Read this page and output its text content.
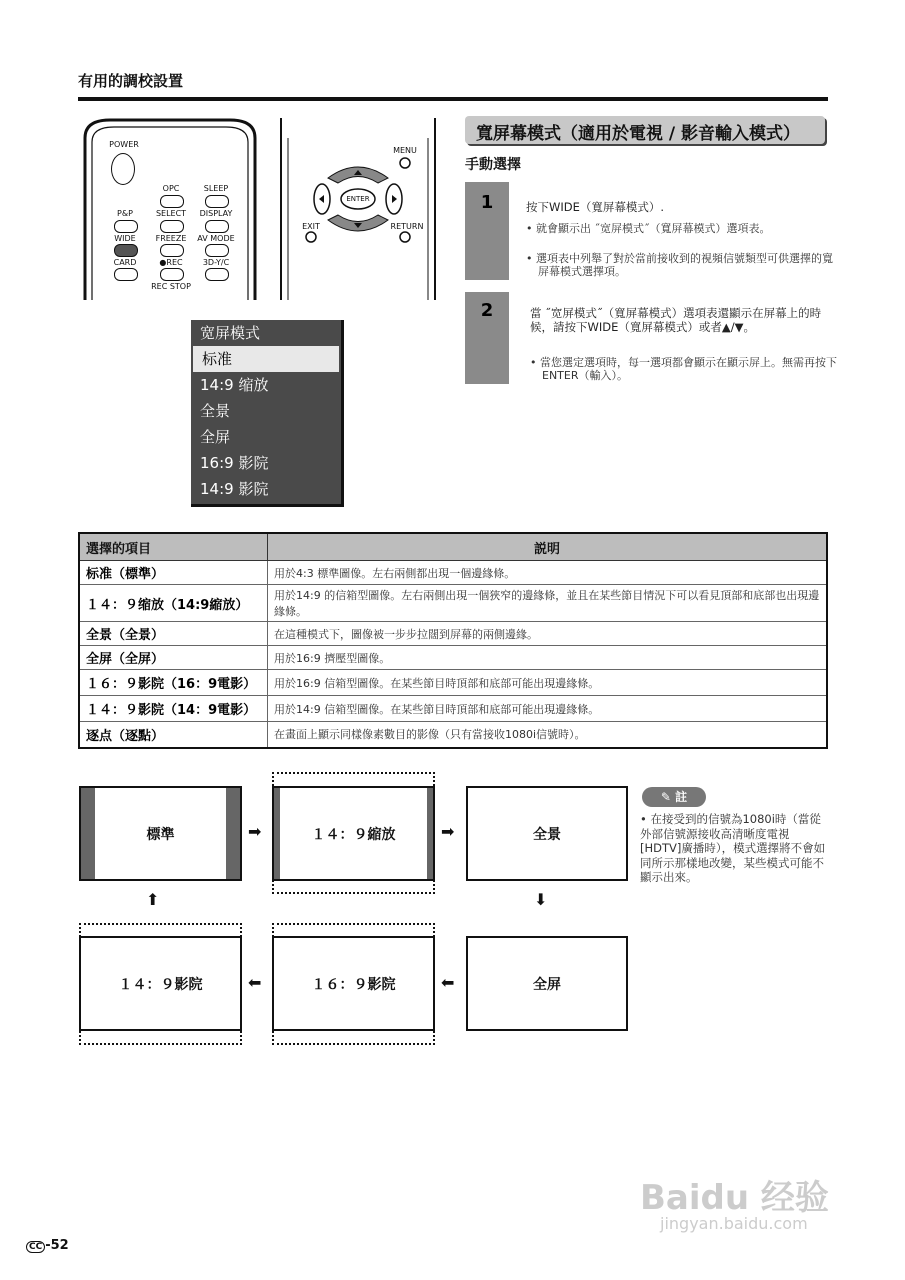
有用的調校設置
POWER
OPC	SLEEP
P&P	SELECT	DISPLAY
WIDE	FREEZE	AV MODE
CARD	●REC	3D-Y/C
REC STOP
MENU
ENTER
EXIT	RETURN
宽屏模式
标准
14:9 缩放
全景
全屏
16:9 影院
14:9 影院
寬屏幕模式（適用於電視 / 影音輸入模式）
手動選擇
1	按下WIDE（寬屏幕模式）.
• 就會顯示出 ˝宽屏模式˝（寬屏幕模式）選項表。
• 選項表中列舉了對於當前接收到的視頻信號類型可供選擇的寬屏幕模式選擇項。
2	當 ˝宽屏模式˝（寬屏幕模式）選項表還顯示在屏幕上的時候，請按下WIDE（寬屏幕模式）或者▲/▼。
• 當您選定選項時，每一選項都會顯示在顯示屏上。無需再按下ENTER（輸入）。
選擇的項目	説明
标准（標準）	用於4:3 標準圖像。左右兩側都出現一個邊緣條。
１４：９缩放（14:9縮放）	用於14:9 的信箱型圖像。左右兩側出現一個狹窄的邊緣條，並且在某些節目情況下可以看見頂部和底部也出現邊緣條。
全景（全景）	在這種模式下，圖像被一步步拉闊到屏幕的兩側邊緣。
全屏（全屏）	用於16:9 擠壓型圖像。
１６：９影院（16：9電影）	用於16:9 信箱型圖像。在某些節目時頂部和底部可能出現邊緣條。
１４：９影院（14：9電影）	用於14:9 信箱型圖像。在某些節目時頂部和底部可能出現邊緣條。
逐点（逐點）	在畫面上顯示同樣像素數目的影像（只有當接收1080i信號時）。
標準	➡	１４：９縮放	➡	全景
⬇
⬆
１４：９影院	⬅	１６：９影院	⬅	全屏
✎ 註
• 在接受到的信號為1080i時（當從外部信號源接收高清晰度電視[HDTV]廣播時），模式選擇將不會如同所示那樣地改變，某些模式可能不顯示出來。
CC -52
Baidu 经验
jingyan.baidu.com
